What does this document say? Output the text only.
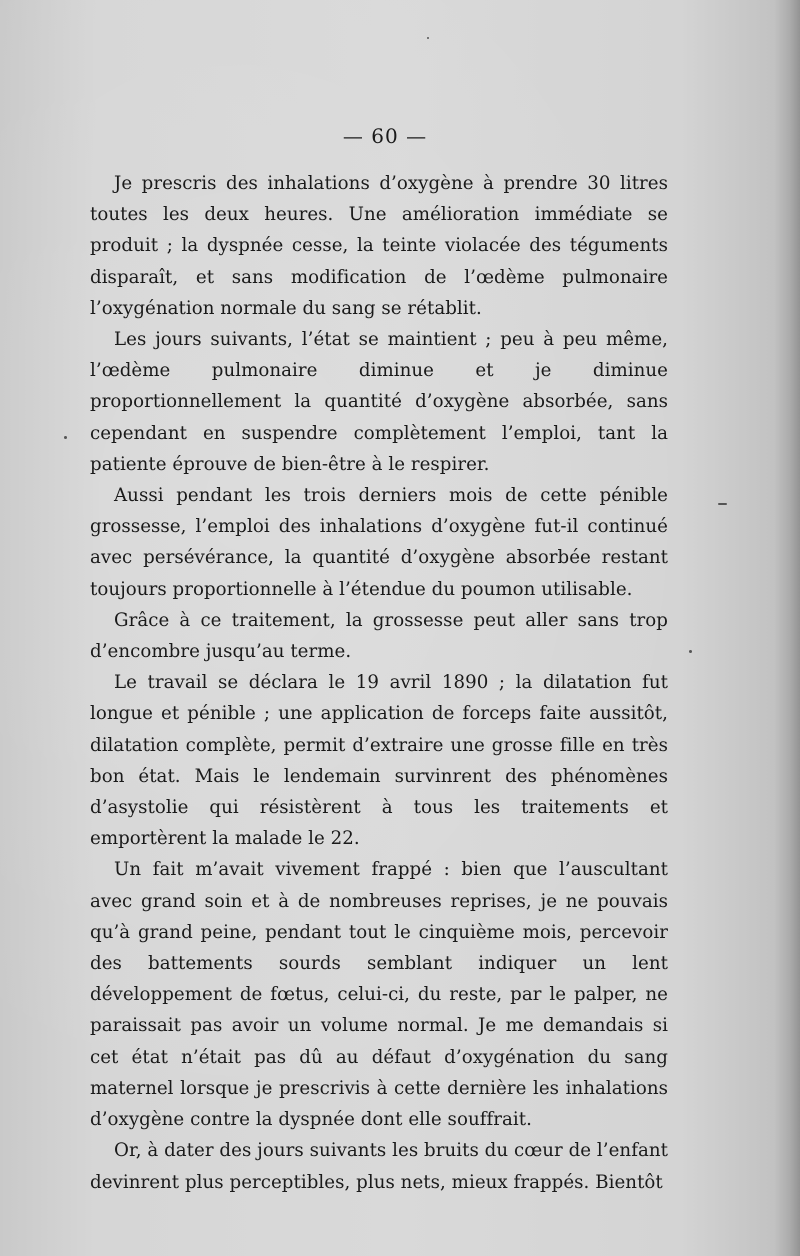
— 60 —

Je prescris des inhalations d’oxygène à prendre 30 litres toutes les deux heures. Une amélioration immédiate se produit ; la dyspnée cesse, la teinte violacée des téguments disparaît, et sans modification de l’œdème pulmonaire l’oxygénation normale du sang se rétablit.

Les jours suivants, l’état se maintient ; peu à peu même, l’œdème pulmonaire diminue et je diminue proportionnellement la quantité d’oxygène absorbée, sans cependant en suspendre complètement l’emploi, tant la patiente éprouve de bien-être à le respirer.

Aussi pendant les trois derniers mois de cette pénible grossesse, l’emploi des inhalations d’oxygène fut-il continué avec persévérance, la quantité d’oxygène absorbée restant toujours proportionnelle à l’étendue du poumon utilisable.

Grâce à ce traitement, la grossesse peut aller sans trop d’encombre jusqu’au terme.

Le travail se déclara le 19 avril 1890 ; la dilatation fut longue et pénible ; une application de forceps faite aussitôt, dilatation complète, permit d’extraire une grosse fille en très bon état. Mais le lendemain survinrent des phénomènes d’asystolie qui résistèrent à tous les traitements et emportèrent la malade le 22.

Un fait m’avait vivement frappé : bien que l’auscultant avec grand soin et à de nombreuses reprises, je ne pouvais qu’à grand peine, pendant tout le cinquième mois, percevoir des battements sourds semblant indiquer un lent développement de fœtus, celui-ci, du reste, par le palper, ne paraissait pas avoir un volume normal. Je me demandais si cet état n’était pas dû au défaut d’oxygénation du sang maternel lorsque je prescrivis à cette dernière les inhalations d’oxygène contre la dyspnée dont elle souffrait.

Or, à dater des jours suivants les bruits du cœur de l’enfant devinrent plus perceptibles, plus nets, mieux frappés. Bientôt
